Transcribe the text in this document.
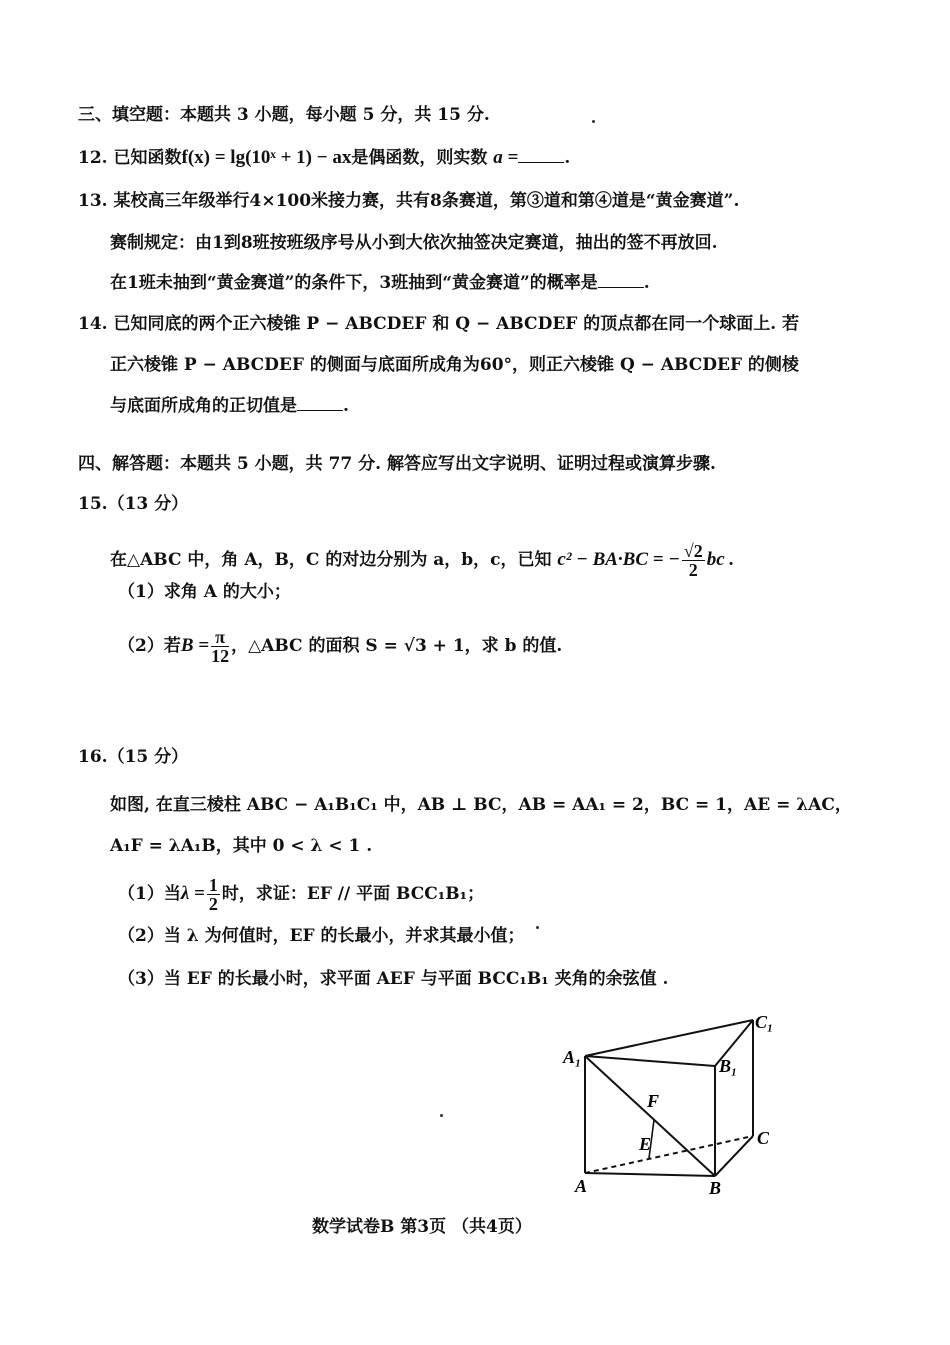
三、填空题：本题共 3 小题，每小题 5 分，共 15 分.
12. 已知函数f(x) = lg(10ˣ + 1) − ax是偶函数，则实数 a =	.
13. 某校高三年级举行4×100米接力赛，共有8条赛道，第③道和第④道是“黄金赛道”.
赛制规定：由1到8班按班级序号从小到大依次抽签决定赛道，抽出的签不再放回.
在1班未抽到“黄金赛道”的条件下，3班抽到“黄金赛道”的概率是	.
14. 已知同底的两个正六棱锥 P − ABCDEF 和 Q − ABCDEF 的顶点都在同一个球面上. 若
正六棱锥 P − ABCDEF 的侧面与底面所成角为60°，则正六棱锥 Q − ABCDEF 的侧棱
与底面所成角的正切值是	.
四、解答题：本题共 5 小题，共 77 分. 解答应写出文字说明、证明过程或演算步骤.
15.（13 分）
在△ABC 中，角 A，B，C 的对边分别为 a，b，c，已知 c² − BA·BC = − $\frac{√2}{2}$ bc .
（1）求角 A 的大小；
（2）若$B = \frac{\pi}{12}$ ，△ABC 的面积 S = √3 + 1，求 b 的值.
16.（15 分）
如图, 在直三棱柱 ABC − A₁B₁C₁ 中，AB ⊥ BC，AB = AA₁ = 2，BC = 1，AE = λAC，
A₁F = λA₁B，其中 0 < λ < 1 .
（1）当$\lambda = \frac{1}{2}$ 时，求证：EF // 平面 BCC₁B₁；
（2）当 λ 为何值时，EF 的长最小，并求其最小值；
（3）当 EF 的长最小时，求平面 AEF 与平面 BCC₁B₁ 夹角的余弦值 .
C₁
A₁	B₁
F
E	C
A	B
数学试卷B 第3页 （共4页）
